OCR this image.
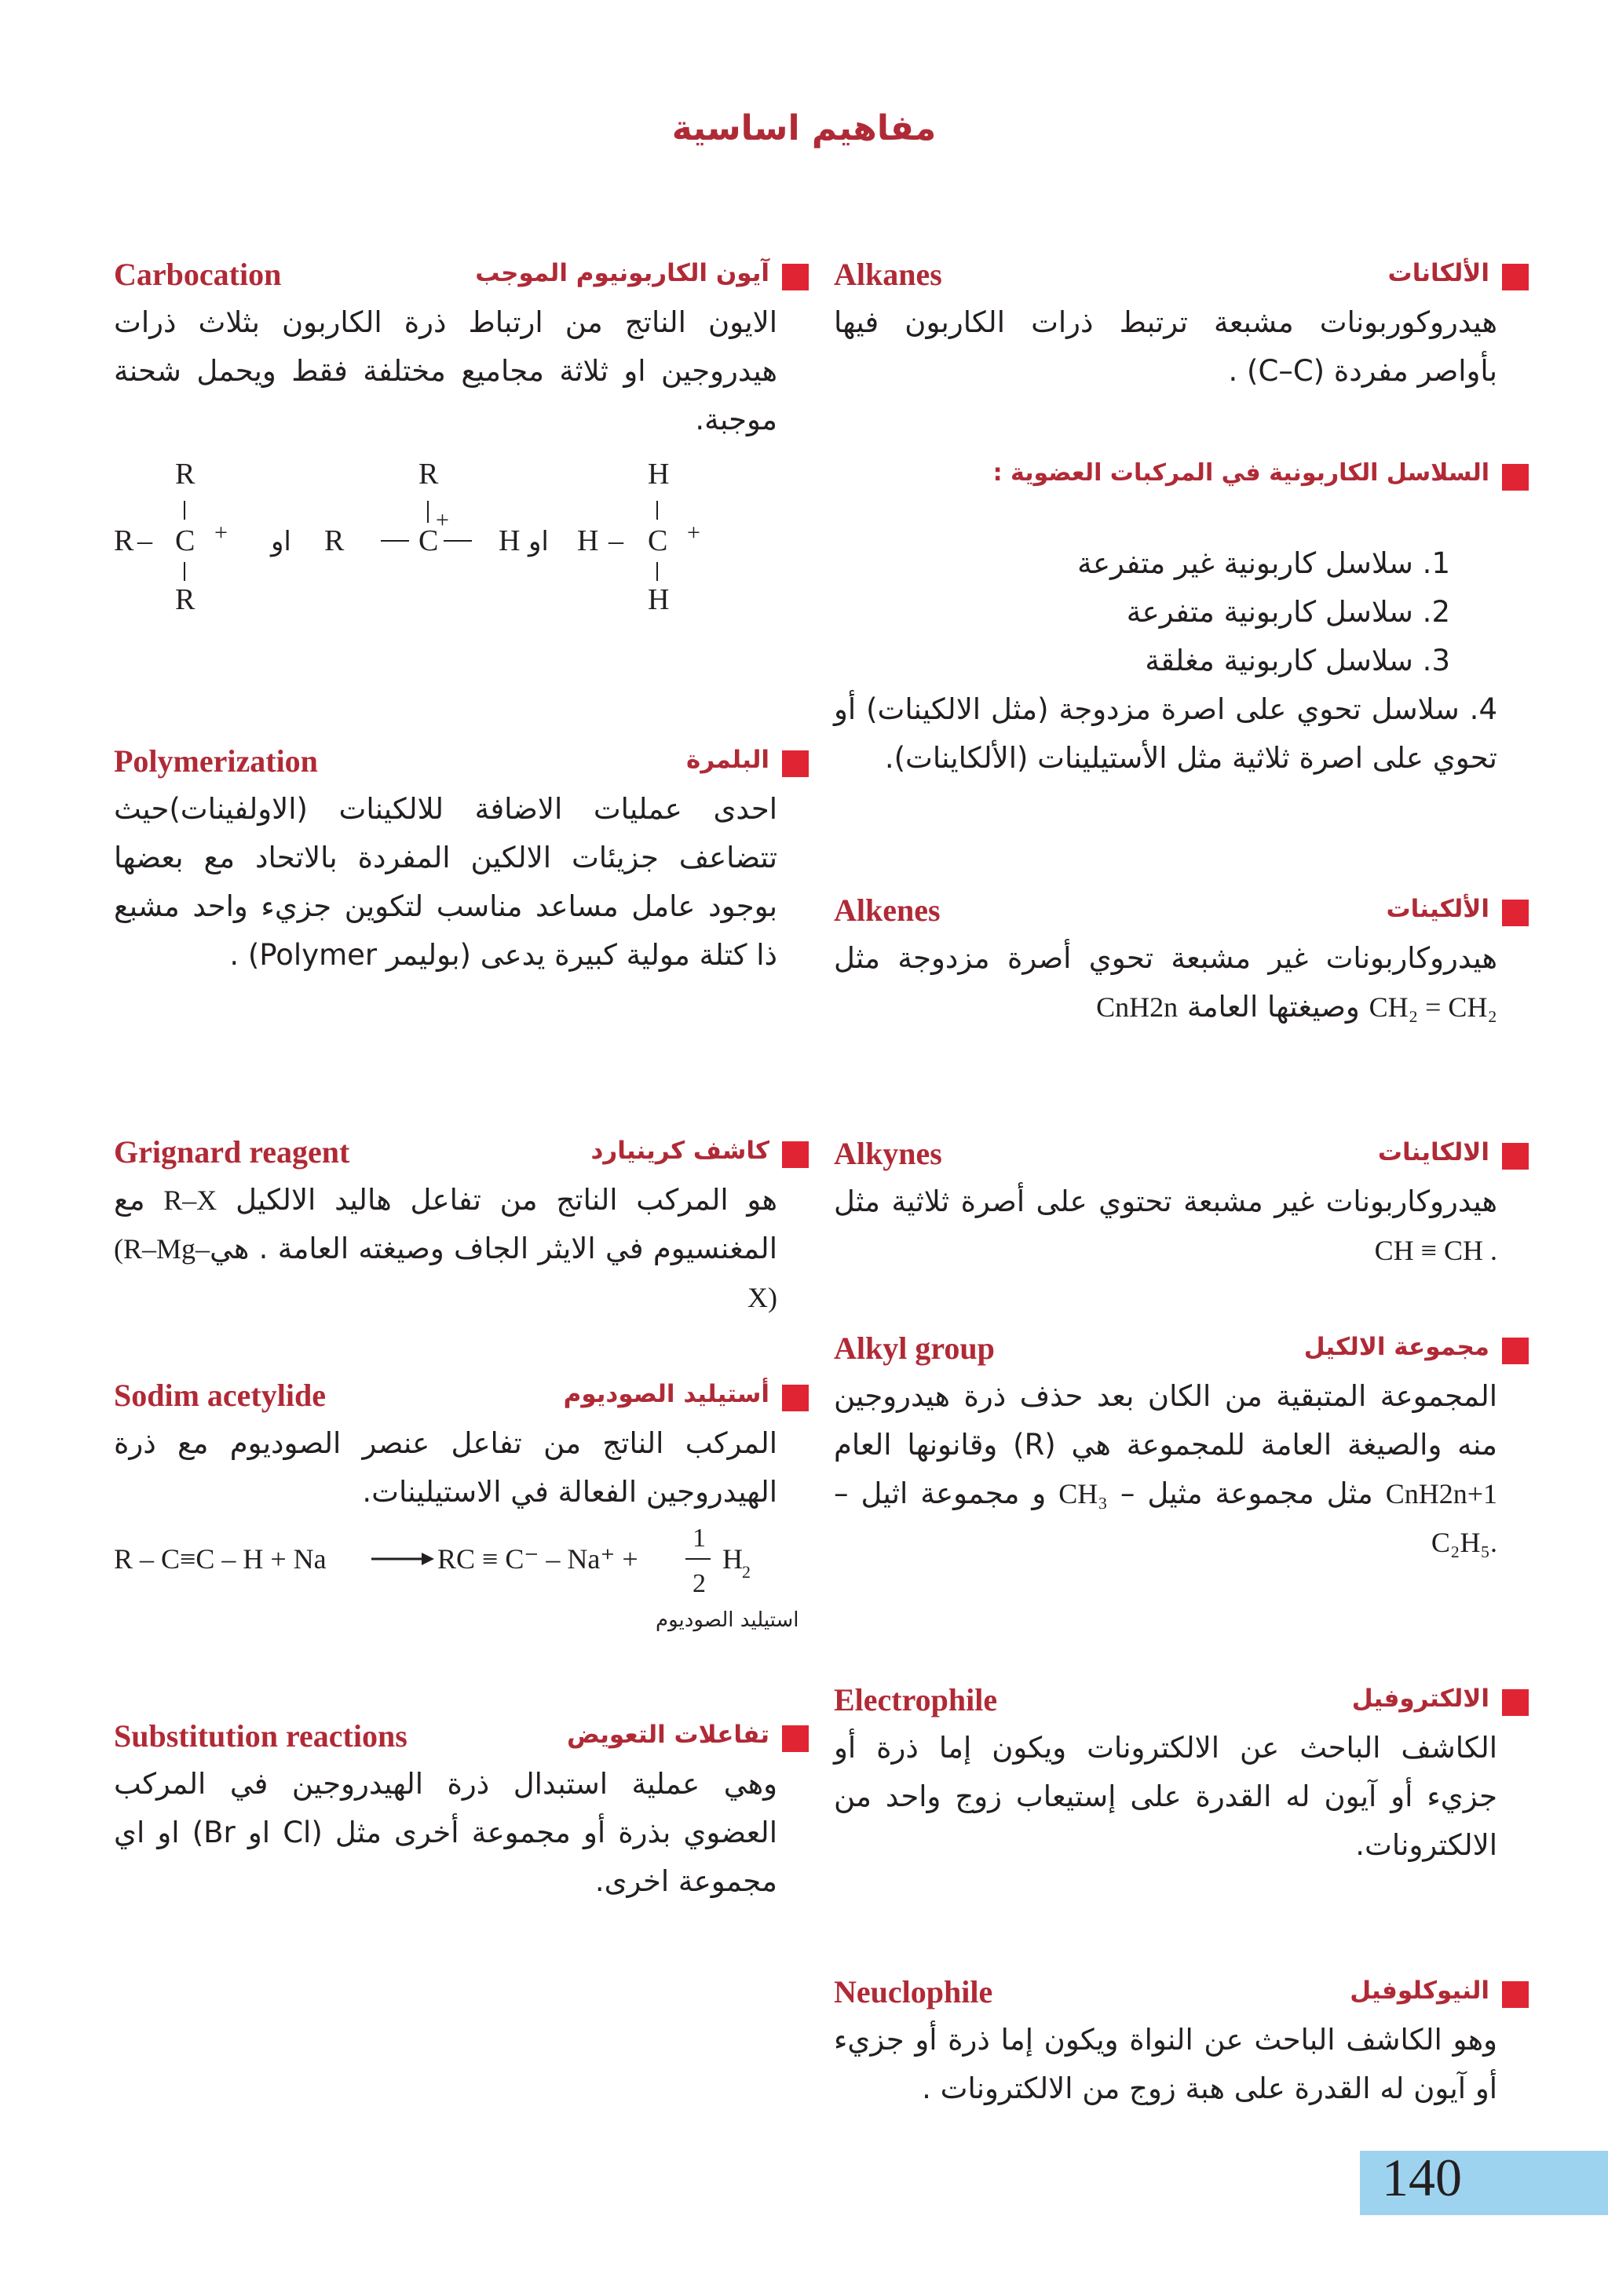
مفاهيم اساسية
الألكانات
Alkanes

هيدروكوربونات مشبعة ترتبط ذرات الكاربون فيها بأواصر مفردة (C–C) .

السلاسل الكاربونية في المركبات العضوية :
1. سلاسل كاربونية غير متفرعة
2. سلاسل كاربونية متفرعة
3. سلاسل كاربونية مغلقة
4. سلاسل تحوي على اصرة مزدوجة (مثل الالكينات) أو تحوي على اصرة ثلاثية مثل الأستيلينات (الألكاينات).
الألكينات
Alkenes

هيدروكاربونات غير مشبعة تحوي أصرة مزدوجة مثل CH₂ = CH₂ وصيغتها العامة CnH2n

الالكاينات
Alkynes

هيدروكاربونات غير مشبعة تحتوي على أصرة ثلاثية مثل CH ≡ CH .

مجموعة الالكيل
Alkyl group

المجموعة المتبقية من الكان بعد حذف ذرة هيدروجين منه والصيغة العامة للمجموعة هي (R) وقانونها العام CnH2n+1 مثل مجموعة مثيل – CH₃ و مجموعة اثيل – C₂H₅.

الالكتروفيل
Electrophile

الكاشف الباحث عن الالكترونات ويكون إما ذرة أو جزيء أو آيون له القدرة على إستيعاب زوج واحد من الالكترونات.

النيوكلوفيل
Neuclophile

وهو الكاشف الباحث عن النواة ويكون إما ذرة أو جزيء أو آيون له القدرة على هبة زوج من الالكترونات .

آيون الكاربونيوم الموجب
Carbocation

الايون الناتج من ارتباط ذرة الكاربون بثلاث ذرات هيدروجين او ثلاثة مجاميع مختلفة فقط ويحمل شحنة موجبة.

R
R – C +
R
او R
R
+
C H او H –
H
C +
H
البلمرة
Polymerization

احدى عمليات الاضافة للالكينات (الاولفينات)حيث تتضاعف جزيئات الالكين المفردة بالاتحاد مع بعضها بوجود عامل مساعد مناسب لتكوين جزيء واحد مشبع ذا كتلة مولية كبيرة يدعى (بوليمر Polymer) .

كاشف كرينيارد
Grignard reagent

هو المركب الناتج من تفاعل هاليد الالكيل R–X مع المغنسيوم في الايثر الجاف وصيغته العامة . هي(R–Mg–X)

أستيليد الصوديوم
Sodim acetylide

المركب الناتج من تفاعل عنصر الصوديوم مع ذرة الهيدروجين الفعالة في الاستيلينات.

R – C≡C – H + Na	RC ≡ C⁻ – Na⁺ +
1
2
H 2
استيليد الصوديوم
تفاعلات التعويض
Substitution reactions

وهي عملية استبدال ذرة الهيدروجين في المركب العضوي بذرة أو مجموعة أخرى مثل (Cl او Br) او اي مجموعة اخرى.

140
